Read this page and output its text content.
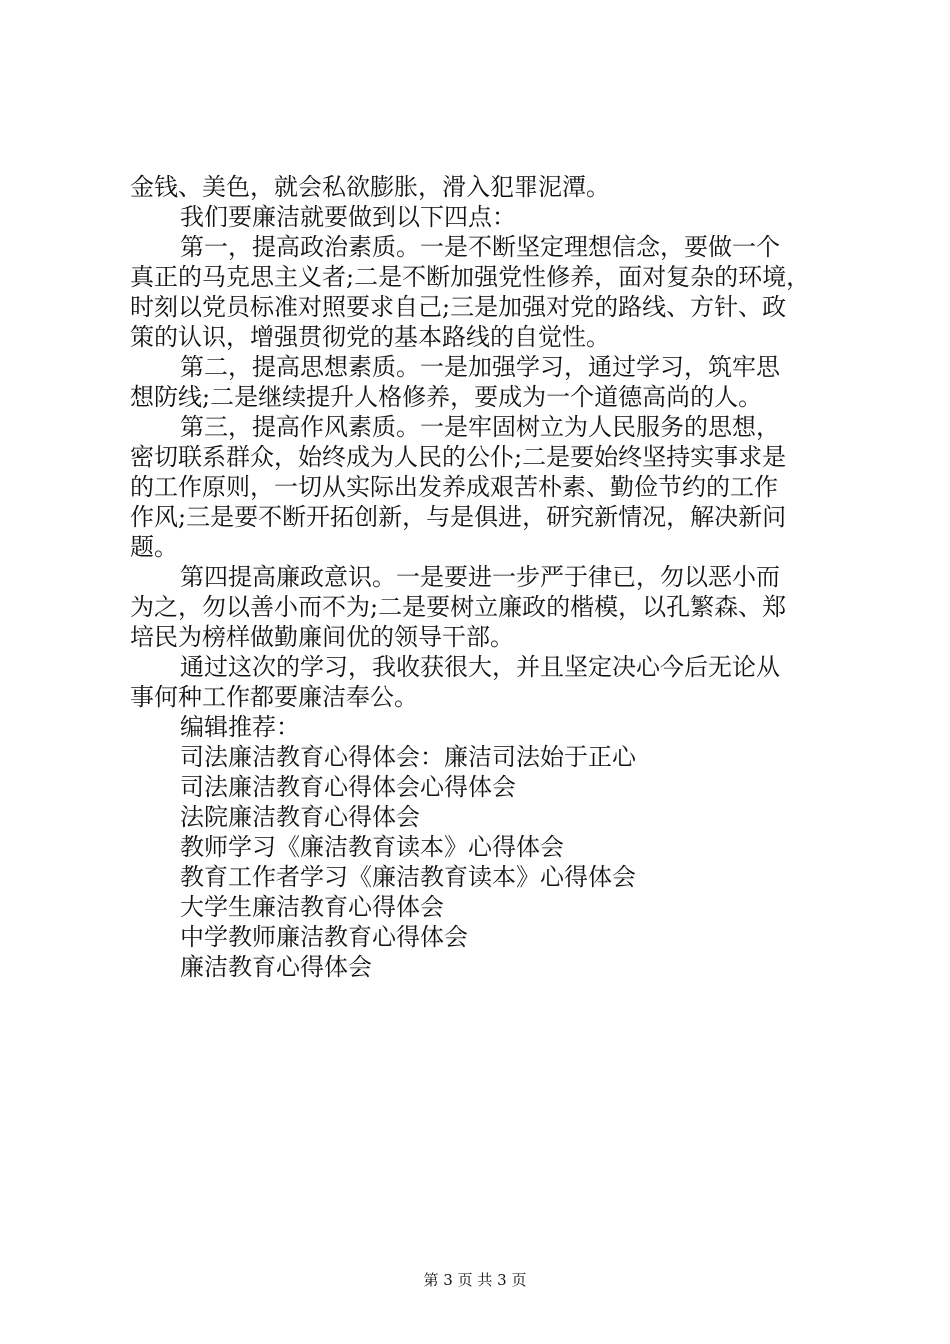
金钱、美色，就会私欲膨胀，滑入犯罪泥潭。
我们要廉洁就要做到以下四点：
第一，提高政治素质。一是不断坚定理想信念，要做一个
真正的马克思主义者;二是不断加强党性修养，面对复杂的环境，
时刻以党员标准对照要求自己;三是加强对党的路线、方针、政
策的认识，增强贯彻党的基本路线的自觉性。
第二，提高思想素质。一是加强学习，通过学习，筑牢思
想防线;二是继续提升人格修养，要成为一个道德高尚的人。
第三，提高作风素质。一是牢固树立为人民服务的思想，
密切联系群众，始终成为人民的公仆;二是要始终坚持实事求是
的工作原则，一切从实际出发养成艰苦朴素、勤俭节约的工作
作风;三是要不断开拓创新，与是俱进，研究新情况，解决新问
题。
第四提高廉政意识。一是要进一步严于律已，勿以恶小而
为之，勿以善小而不为;二是要树立廉政的楷模，以孔繁森、郑
培民为榜样做勤廉间优的领导干部。
通过这次的学习，我收获很大，并且坚定决心今后无论从
事何种工作都要廉洁奉公。
编辑推荐：
司法廉洁教育心得体会：廉洁司法始于正心
司法廉洁教育心得体会心得体会
法院廉洁教育心得体会
教师学习《廉洁教育读本》心得体会
教育工作者学习《廉洁教育读本》心得体会
大学生廉洁教育心得体会
中学教师廉洁教育心得体会
廉洁教育心得体会
第 3 页 共 3 页
